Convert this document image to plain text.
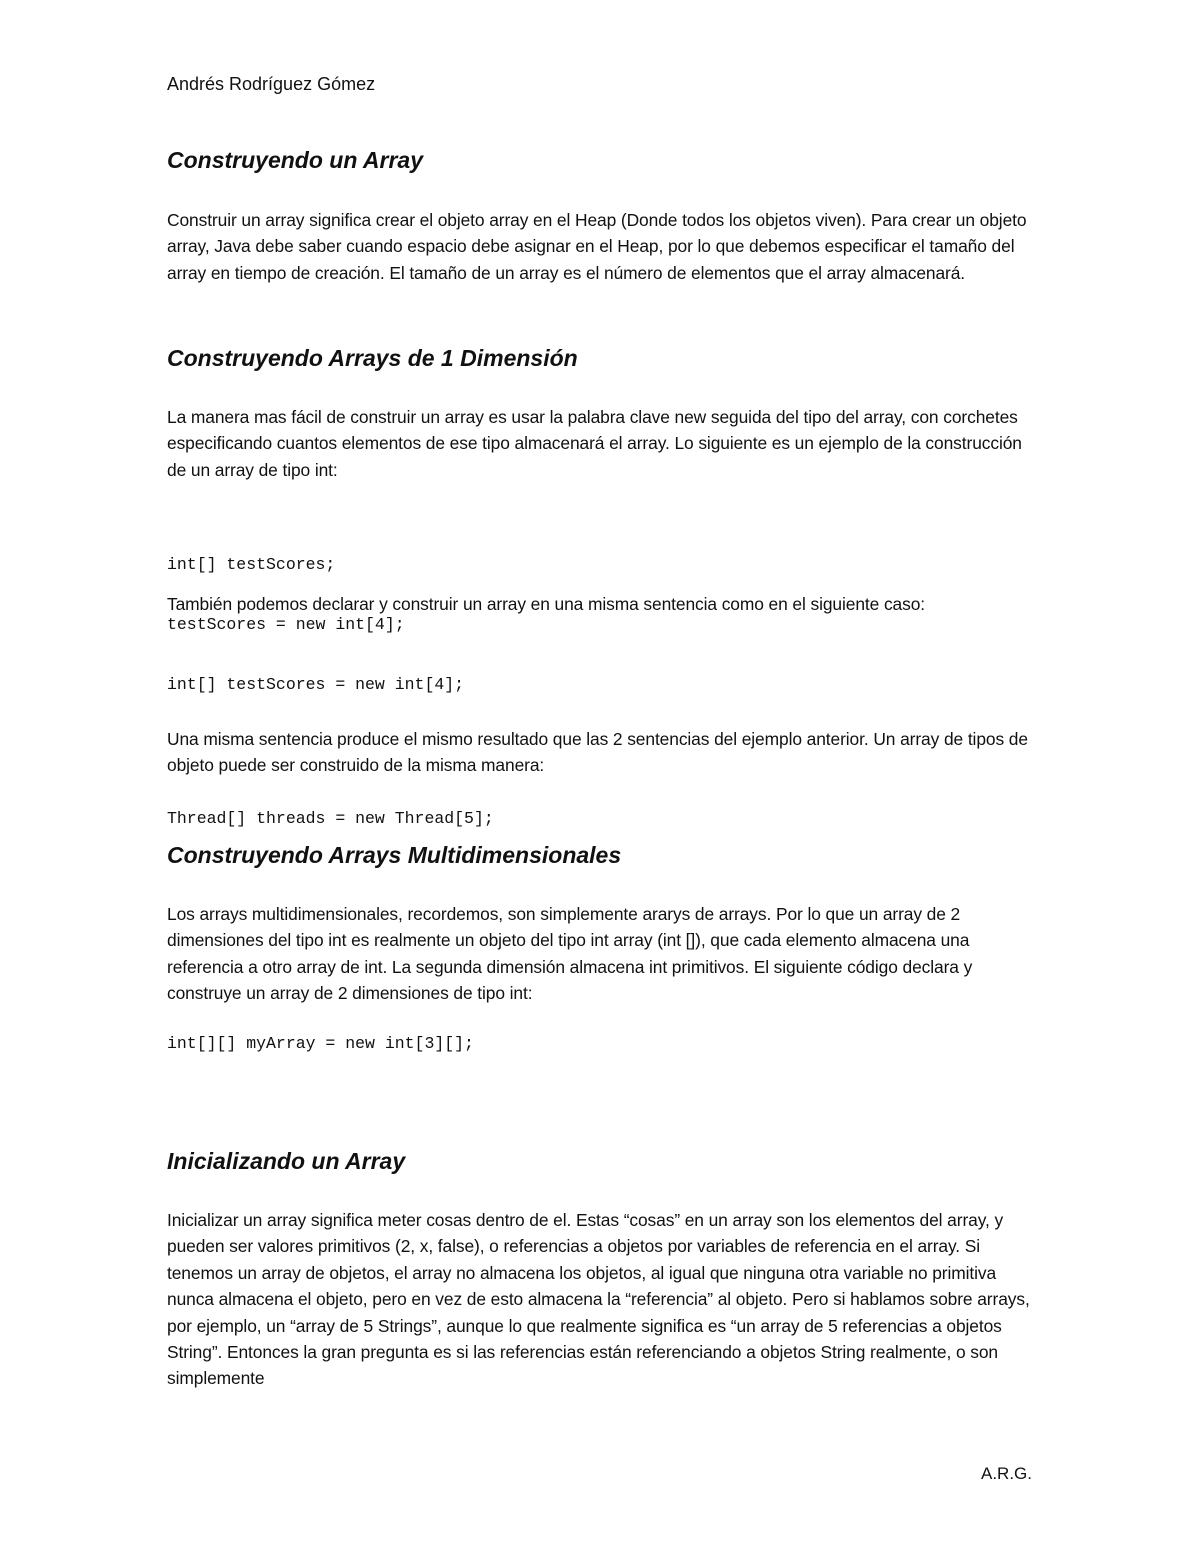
Andrés Rodríguez Gómez
Construyendo un Array

Construir un array significa crear el objeto array en el Heap (Donde todos los objetos viven). Para crear un objeto array, Java debe saber cuando espacio debe asignar en el Heap, por lo que debemos especificar el tamaño del array en tiempo de creación. El tamaño de un array es el número de elementos que el array almacenará.

Construyendo Arrays de 1 Dimensión

La manera mas fácil de construir un array es usar la palabra clave new seguida del tipo del array, con corchetes especificando cuantos elementos de ese tipo almacenará el array. Lo siguiente es un ejemplo de la construcción de un array de tipo int:

int[] testScores;

testScores = new int[4];

También podemos declarar y construir un array en una misma sentencia como en el siguiente caso:

int[] testScores = new int[4];

Una misma sentencia produce el mismo resultado que las 2 sentencias del ejemplo anterior. Un array de tipos de objeto puede ser construido de la misma manera:

Thread[] threads = new Thread[5];
Construyendo Arrays Multidimensionales

Los arrays multidimensionales, recordemos, son simplemente ararys de arrays. Por lo que un array de 2 dimensiones del tipo int es realmente un objeto del tipo int array (int []), que cada elemento almacena una referencia a otro array de int. La segunda dimensión almacena int primitivos. El siguiente código declara y construye un array de 2 dimensiones de tipo int:

int[][] myArray = new int[3][];
Inicializando un Array

Inicializar un array significa meter cosas dentro de el. Estas “cosas” en un array son los elementos del array, y pueden ser valores primitivos (2, x, false), o referencias a objetos por variables de referencia en el array. Si tenemos un array de objetos, el array no almacena los objetos, al igual que ninguna otra variable no primitiva nunca almacena el objeto, pero en vez de esto almacena la “referencia” al objeto. Pero si hablamos sobre arrays, por ejemplo, un “array de 5 Strings”, aunque lo que realmente significa es “un array de 5 referencias a objetos String”. Entonces la gran pregunta es si las referencias están referenciando a objetos String realmente, o son simplemente

A.R.G.
